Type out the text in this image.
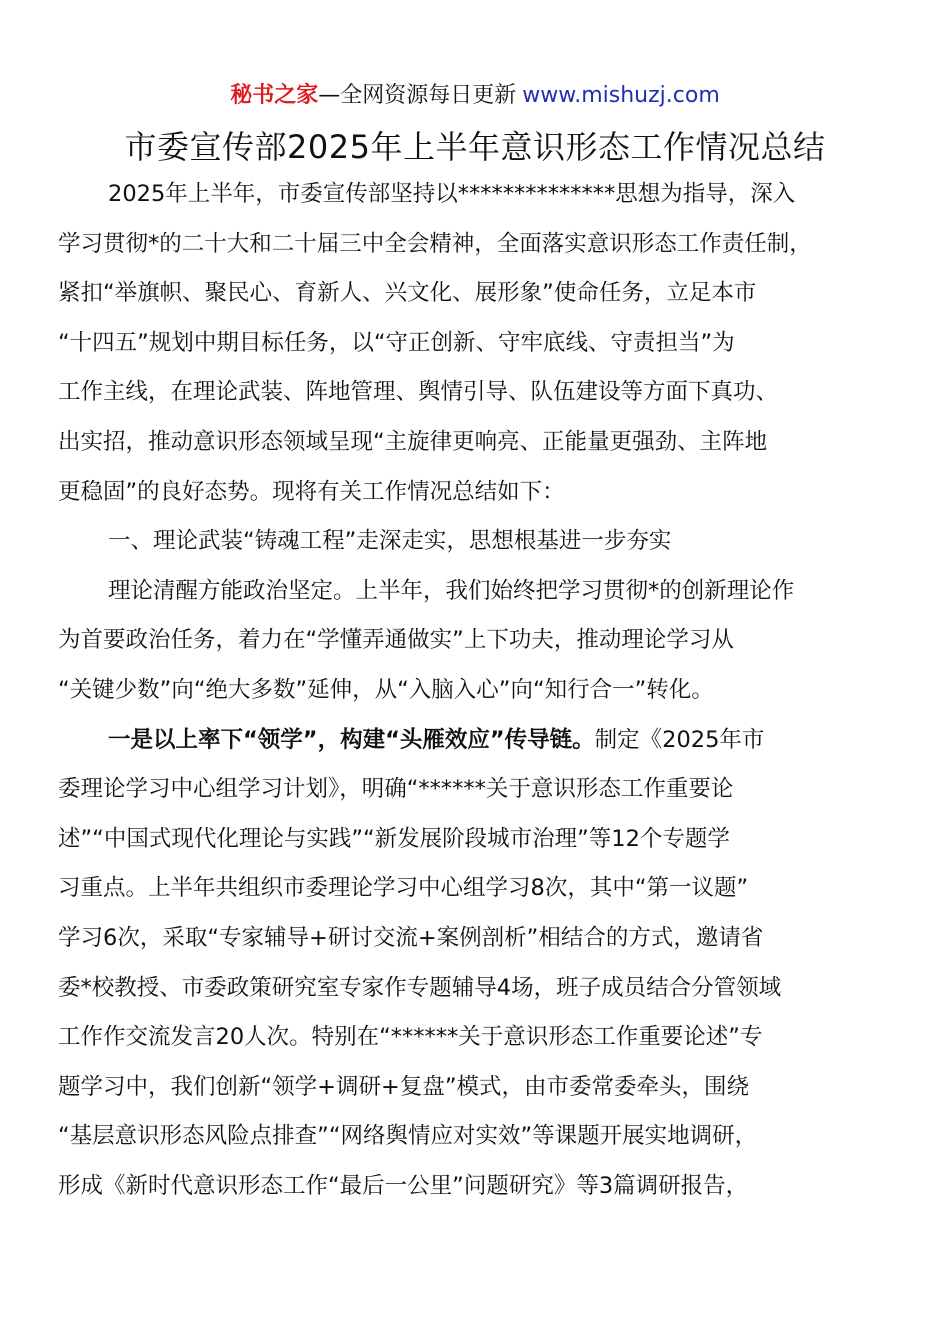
秘书之家—全网资源每日更新 www.mishuzj.com
市委宣传部2025年上半年意识形态工作情况总结
2025年上半年，市委宣传部坚持以**************思想为指导，深入
学习贯彻*的二十大和二十届三中全会精神，全面落实意识形态工作责任制，
紧扣“举旗帜、聚民心、育新人、兴文化、展形象”使命任务，立足本市
“十四五”规划中期目标任务，以“守正创新、守牢底线、守责担当”为
工作主线，在理论武装、阵地管理、舆情引导、队伍建设等方面下真功、
出实招，推动意识形态领域呈现“主旋律更响亮、正能量更强劲、主阵地
更稳固”的良好态势。现将有关工作情况总结如下：
一、理论武装“铸魂工程”走深走实，思想根基进一步夯实
理论清醒方能政治坚定。上半年，我们始终把学习贯彻*的创新理论作
为首要政治任务，着力在“学懂弄通做实”上下功夫，推动理论学习从
“关键少数”向“绝大多数”延伸，从“入脑入心”向“知行合一”转化。
一是以上率下“领学”，构建“头雁效应”传导链。制定《2025年市
委理论学习中心组学习计划》，明确“******关于意识形态工作重要论
述”“中国式现代化理论与实践”“新发展阶段城市治理”等12个专题学
习重点。上半年共组织市委理论学习中心组学习8次，其中“第一议题”
学习6次，采取“专家辅导+研讨交流+案例剖析”相结合的方式，邀请省
委*校教授、市委政策研究室专家作专题辅导4场，班子成员结合分管领域
工作作交流发言20人次。特别在“******关于意识形态工作重要论述”专
题学习中，我们创新“领学+调研+复盘”模式，由市委常委牵头，围绕
“基层意识形态风险点排查”“网络舆情应对实效”等课题开展实地调研，
形成《新时代意识形态工作“最后一公里”问题研究》等3篇调研报告，
